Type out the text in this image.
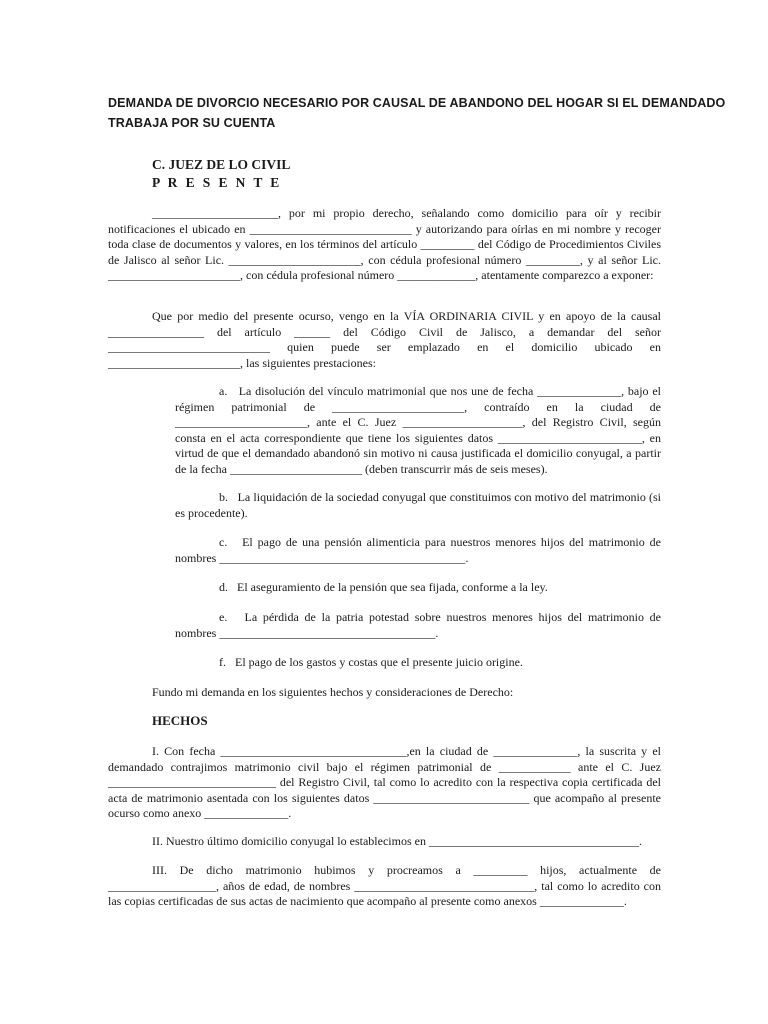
DEMANDA DE DIVORCIO NECESARIO POR CAUSAL DE ABANDONO DEL HOGAR SI EL DEMANDADO
TRABAJA POR SU CUENTA
C. JUEZ DE LO CIVIL
P R E S E N T E
_____________________, por mi propio derecho, señalando como domicilio para oír y recibir notificaciones el ubicado en ___________________________ y autorizando para oírlas en mi nombre y recoger toda clase de documentos y valores, en los términos del artículo _________ del Código de Procedimientos Civiles de Jalisco al señor Lic. ______________________, con cédula profesional número _________, y al señor Lic. ______________________, con cédula profesional número _____________, atentamente comparezco a exponer:
Que por medio del presente ocurso, vengo en la VÍA ORDINARIA CIVIL y en apoyo de la causal ________________ del artículo ______ del Código Civil de Jalisco, a demandar del señor ___________________________ quien puede ser emplazado en el domicilio ubicado en ______________________, las siguientes prestaciones:
a. La disolución del vínculo matrimonial que nos une de fecha ______________, bajo el régimen patrimonial de ______________________, contraído en la ciudad de ______________________, ante el C. Juez ____________________, del Registro Civil, según consta en el acta correspondiente que tiene los siguientes datos ________________________, en virtud de que el demandado abandonó sin motivo ni causa justificada el domicilio conyugal, a partir de la fecha ______________________ (deben transcurrir más de seis meses).
b. La liquidación de la sociedad conyugal que constituimos con motivo del matrimonio (si es procedente).
c. El pago de una pensión alimenticia para nuestros menores hijos del matrimonio de nombres _________________________________________.
d. El aseguramiento de la pensión que sea fijada, conforme a la ley.
e. La pérdida de la patria potestad sobre nuestros menores hijos del matrimonio de nombres ____________________________________.
f. El pago de los gastos y costas que el presente juicio origine.
Fundo mi demanda en los siguientes hechos y consideraciones de Derecho:
HECHOS
I. Con fecha _______________________________,en la ciudad de ______________, la suscrita y el demandado contrajimos matrimonio civil bajo el régimen patrimonial de ____________ ante el C. Juez ____________________________ del Registro Civil, tal como lo acredito con la respectiva copia certificada del acta de matrimonio asentada con los siguientes datos __________________________ que acompaño al presente ocurso como anexo ______________.
II. Nuestro último domicilio conyugal lo establecimos en ___________________________________.
III. De dicho matrimonio hubimos y procreamos a _________ hijos, actualmente de __________________, años de edad, de nombres ______________________________, tal como lo acredito con las copias certificadas de sus actas de nacimiento que acompaño al presente como anexos ______________.
